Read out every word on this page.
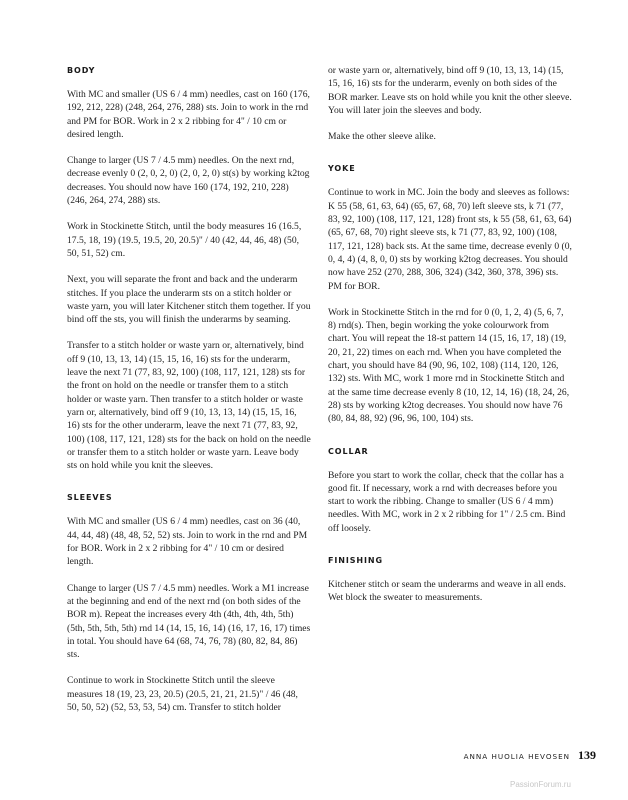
BODY

With MC and smaller (US 6 / 4 mm) needles, cast on 160 (176, 192, 212, 228) (248, 264, 276, 288) sts. Join to work in the rnd and PM for BOR. Work in 2 x 2 ribbing for 4" / 10 cm or desired length.

Change to larger (US 7 / 4.5 mm) needles. On the next rnd, decrease evenly 0 (2, 0, 2, 0) (2, 0, 2, 0) st(s) by working k2tog decreases. You should now have 160 (174, 192, 210, 228) (246, 264, 274, 288) sts.

Work in Stockinette Stitch, until the body measures 16 (16.5, 17.5, 18, 19) (19.5, 19.5, 20, 20.5)" / 40 (42, 44, 46, 48) (50, 50, 51, 52) cm.

Next, you will separate the front and back and the underarm stitches. If you place the underarm sts on a stitch holder or waste yarn, you will later Kitchener stitch them together. If you bind off the sts, you will finish the underarms by seaming.

Transfer to a stitch holder or waste yarn or, alternatively, bind off 9 (10, 13, 13, 14) (15, 15, 16, 16) sts for the underarm, leave the next 71 (77, 83, 92, 100) (108, 117, 121, 128) sts for the front on hold on the needle or transfer them to a stitch holder or waste yarn. Then transfer to a stitch holder or waste yarn or, alternatively, bind off 9 (10, 13, 13, 14) (15, 15, 16, 16) sts for the other underarm, leave the next 71 (77, 83, 92, 100) (108, 117, 121, 128) sts for the back on hold on the needle or transfer them to a stitch holder or waste yarn. Leave body sts on hold while you knit the sleeves.

SLEEVES

With MC and smaller (US 6 / 4 mm) needles, cast on 36 (40, 44, 44, 48) (48, 48, 52, 52) sts. Join to work in the rnd and PM for BOR. Work in 2 x 2 ribbing for 4" / 10 cm or desired length.

Change to larger (US 7 / 4.5 mm) needles. Work a M1 increase at the beginning and end of the next rnd (on both sides of the BOR m). Repeat the increases every 4th (4th, 4th, 4th, 5th) (5th, 5th, 5th, 5th) rnd 14 (14, 15, 16, 14) (16, 17, 16, 17) times in total. You should have 64 (68, 74, 76, 78) (80, 82, 84, 86) sts.

Continue to work in Stockinette Stitch until the sleeve measures 18 (19, 23, 23, 20.5) (20.5, 21, 21, 21.5)" / 46 (48, 50, 50, 52) (52, 53, 53, 54) cm. Transfer to stitch holder

or waste yarn or, alternatively, bind off 9 (10, 13, 13, 14) (15, 15, 16, 16) sts for the underarm, evenly on both sides of the BOR marker. Leave sts on hold while you knit the other sleeve. You will later join the sleeves and body.

Make the other sleeve alike.

YOKE

Continue to work in MC. Join the body and sleeves as follows: K 55 (58, 61, 63, 64) (65, 67, 68, 70) left sleeve sts, k 71 (77, 83, 92, 100) (108, 117, 121, 128) front sts, k 55 (58, 61, 63, 64) (65, 67, 68, 70) right sleeve sts, k 71 (77, 83, 92, 100) (108, 117, 121, 128) back sts. At the same time, decrease evenly 0 (0, 0, 4, 4) (4, 8, 0, 0) sts by working k2tog decreases. You should now have 252 (270, 288, 306, 324) (342, 360, 378, 396) sts. PM for BOR.

Work in Stockinette Stitch in the rnd for 0 (0, 1, 2, 4) (5, 6, 7, 8) rnd(s). Then, begin working the yoke colourwork from chart. You will repeat the 18-st pattern 14 (15, 16, 17, 18) (19, 20, 21, 22) times on each rnd. When you have completed the chart, you should have 84 (90, 96, 102, 108) (114, 120, 126, 132) sts. With MC, work 1 more rnd in Stockinette Stitch and at the same time decrease evenly 8 (10, 12, 14, 16) (18, 24, 26, 28) sts by working k2tog decreases. You should now have 76 (80, 84, 88, 92) (96, 96, 100, 104) sts.

COLLAR

Before you start to work the collar, check that the collar has a good fit. If necessary, work a rnd with decreases before you start to work the ribbing. Change to smaller (US 6 / 4 mm) needles. With MC, work in 2 x 2 ribbing for 1" / 2.5 cm. Bind off loosely.

FINISHING

Kitchener stitch or seam the underarms and weave in all ends. Wet block the sweater to measurements.

ANNA HUOLIA HEVOSEN 139
PassionForum.ru
